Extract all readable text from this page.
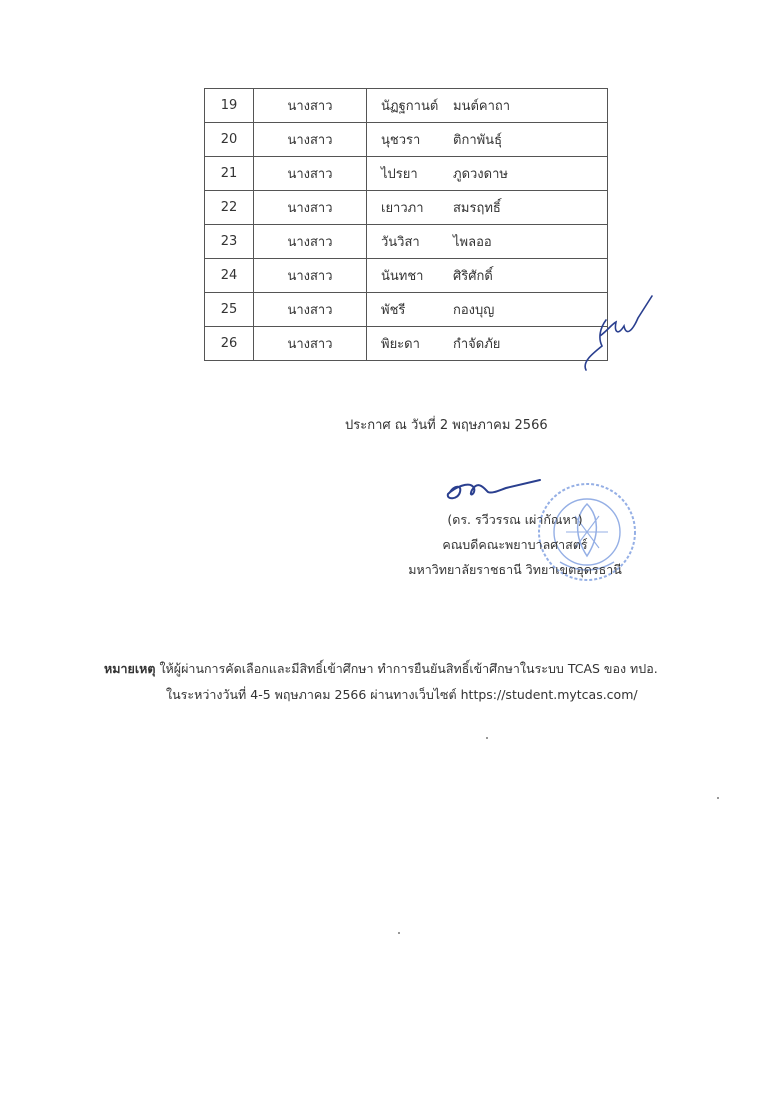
19	นางสาว	นัฏฐกานต์ มนต์คาถา
20	นางสาว	นุชวรา ติกาพันธุ์
21	นางสาว	ไปรยา ภูดวงดาษ
22	นางสาว	เยาวภา สมรฤทธิ์
23	นางสาว	วันวิสา ไพลออ
24	นางสาว	นันทชา ศิริศักดิ์
25	นางสาว	พัชรี กองบุญ
26	นางสาว	พิยะดา กำจัดภัย
ประกาศ ณ วันที่ 2 พฤษภาคม 2566
(ดร. รวีวรรณ เผ่ากัณหา)
คณบดีคณะพยาบาลศาสตร์
มหาวิทยาลัยราชธานี วิทยาเขตอุดรธานี
หมายเหตุ ให้ผู้ผ่านการคัดเลือกและมีสิทธิ์เข้าศึกษา ทำการยืนยันสิทธิ์เข้าศึกษาในระบบ TCAS ของ ทปอ.
ในระหว่างวันที่ 4-5 พฤษภาคม 2566 ผ่านทางเว็บไซต์ https://student.mytcas.com/
